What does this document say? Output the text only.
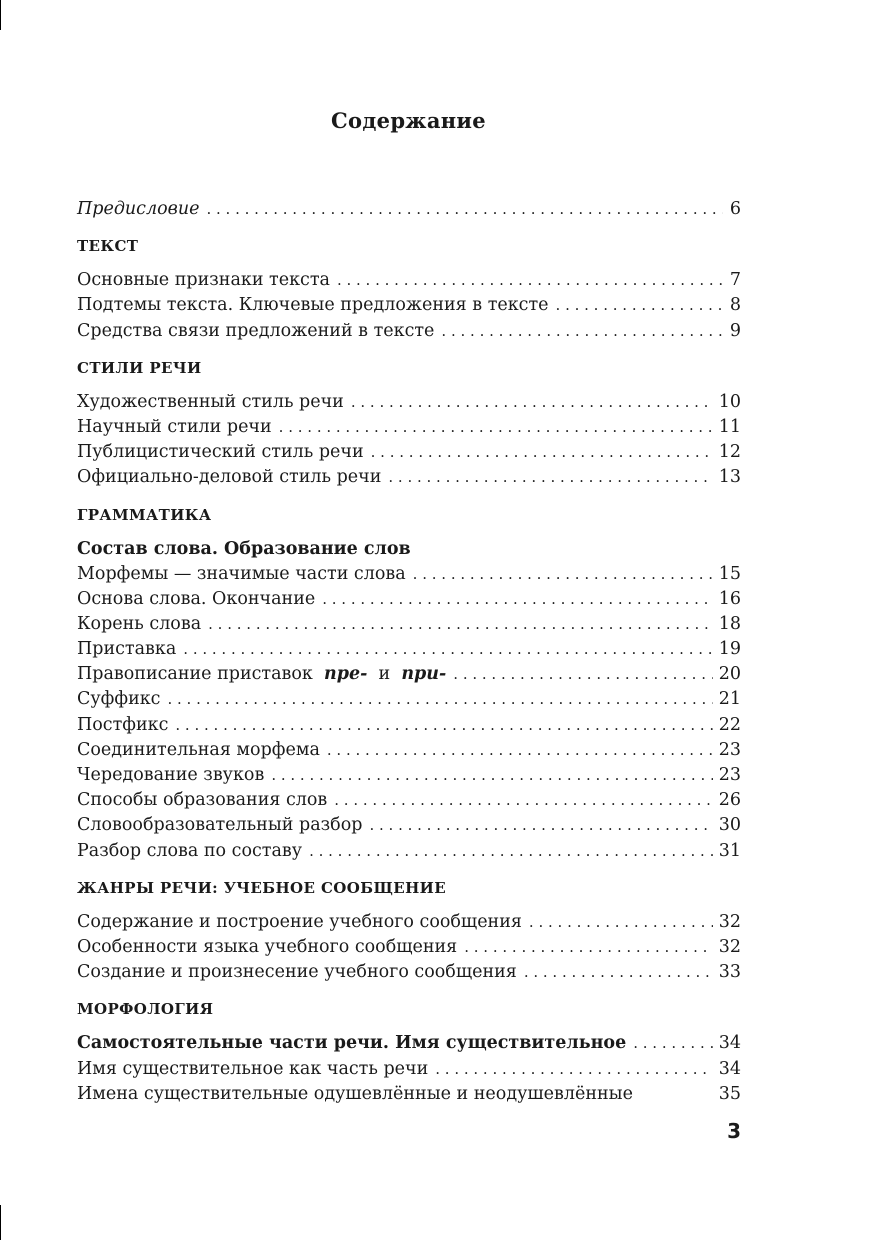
Содержание
Предисловие . . .	6
ТЕКСТ
Основные признаки текста . . .	7
Подтемы текста. Ключевые предложения в тексте . . .	8
Средства связи предложений в тексте . . .	9
СТИЛИ РЕЧИ
Художественный стиль речи . . .	10
Научный стили речи . . .	11
Публицистический стиль речи . . .	12
Официально-деловой стиль речи . . .	13
ГРАММАТИКА
Состав слова. Образование слов
Морфемы — значимые части слова . . .	15
Основа слова. Окончание . . .	16
Корень слова . . .	18
Приставка . . .	19
Правописание приставок пре- и при- . . .	20
Суффикс . . .	21
Постфикс . . .	22
Соединительная морфема . . .	23
Чередование звуков . . .	23
Способы образования слов . . .	26
Словообразовательный разбор . . .	30
Разбор слова по составу . . .	31
ЖАНРЫ РЕЧИ: УЧЕБНОЕ СООБЩЕНИЕ
Содержание и построение учебного сообщения . . .	32
Особенности языка учебного сообщения . . .	32
Создание и произнесение учебного сообщения . . .	33
МОРФОЛОГИЯ
Самостоятельные части речи. Имя существительное . . .	34
Имя существительное как часть речи . . .	34
Имена существительные одушевлённые и неодушевлённые	35
3
